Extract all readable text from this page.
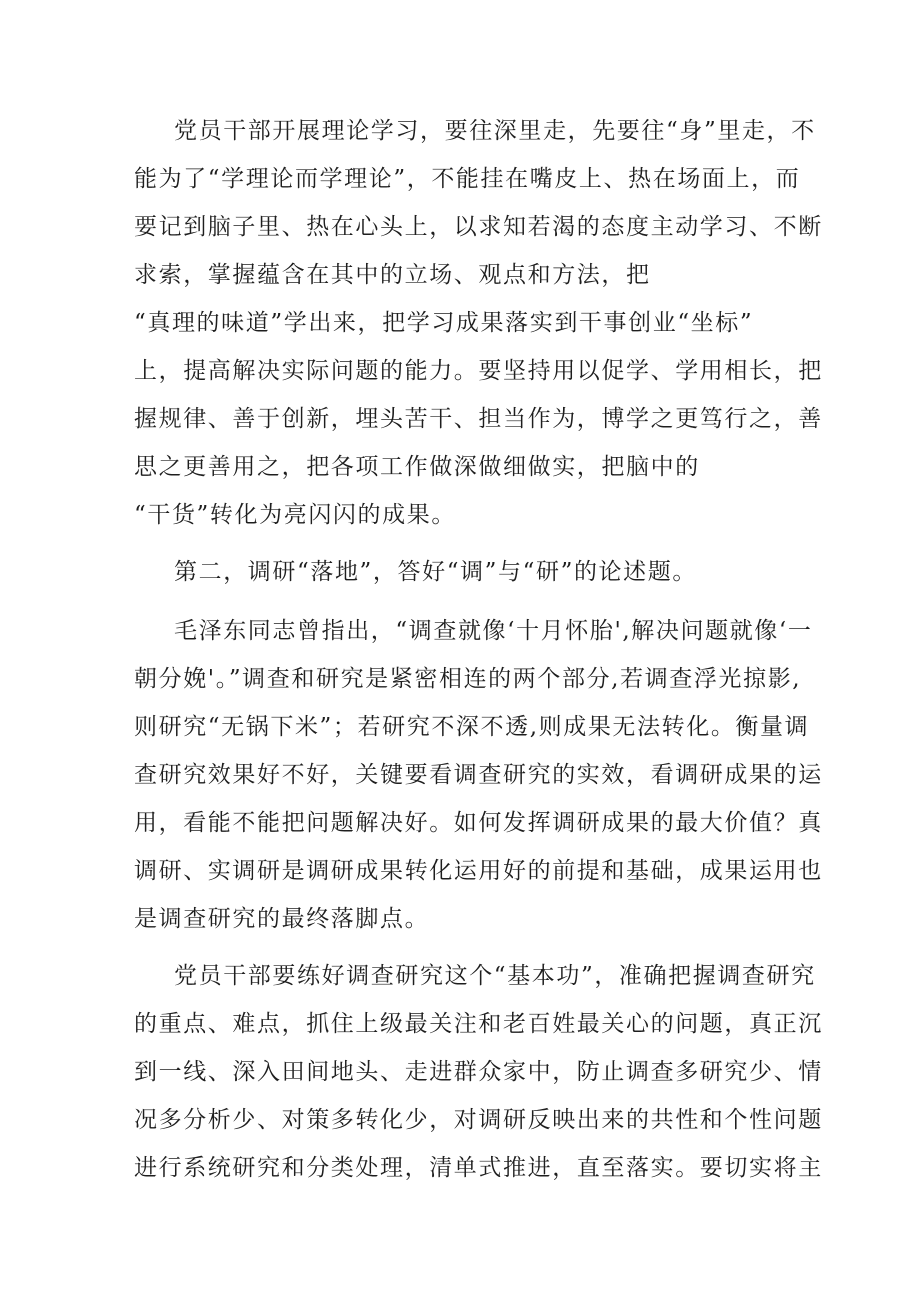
党员干部开展理论学习，要往深里走，先要往“身”里走，不
能为了“学理论而学理论”，不能挂在嘴皮上、热在场面上，而
要记到脑子里、热在心头上，以求知若渴的态度主动学习、不断
求索，掌握蕴含在其中的立场、观点和方法，把
“真理的味道”学出来，把学习成果落实到干事创业“坐标”
上，提高解决实际问题的能力。要坚持用以促学、学用相长，把
握规律、善于创新，埋头苦干、担当作为，博学之更笃行之，善
思之更善用之，把各项工作做深做细做实，把脑中的
“干货”转化为亮闪闪的成果。
第二，调研“落地”，答好“调”与“研”的论述题。
毛泽东同志曾指出，“调查就像‘十月怀胎',解决问题就像‘一
朝分娩'。”调查和研究是紧密相连的两个部分,若调查浮光掠影,
则研究“无锅下米”；若研究不深不透,则成果无法转化。衡量调
查研究效果好不好，关键要看调查研究的实效，看调研成果的运
用，看能不能把问题解决好。如何发挥调研成果的最大价值？真
调研、实调研是调研成果转化运用好的前提和基础，成果运用也
是调查研究的最终落脚点。
党员干部要练好调查研究这个“基本功”，准确把握调查研究
的重点、难点，抓住上级最关注和老百姓最关心的问题，真正沉
到一线、深入田间地头、走进群众家中，防止调查多研究少、情
况多分析少、对策多转化少，对调研反映出来的共性和个性问题
进行系统研究和分类处理，清单式推进，直至落实。要切实将主
